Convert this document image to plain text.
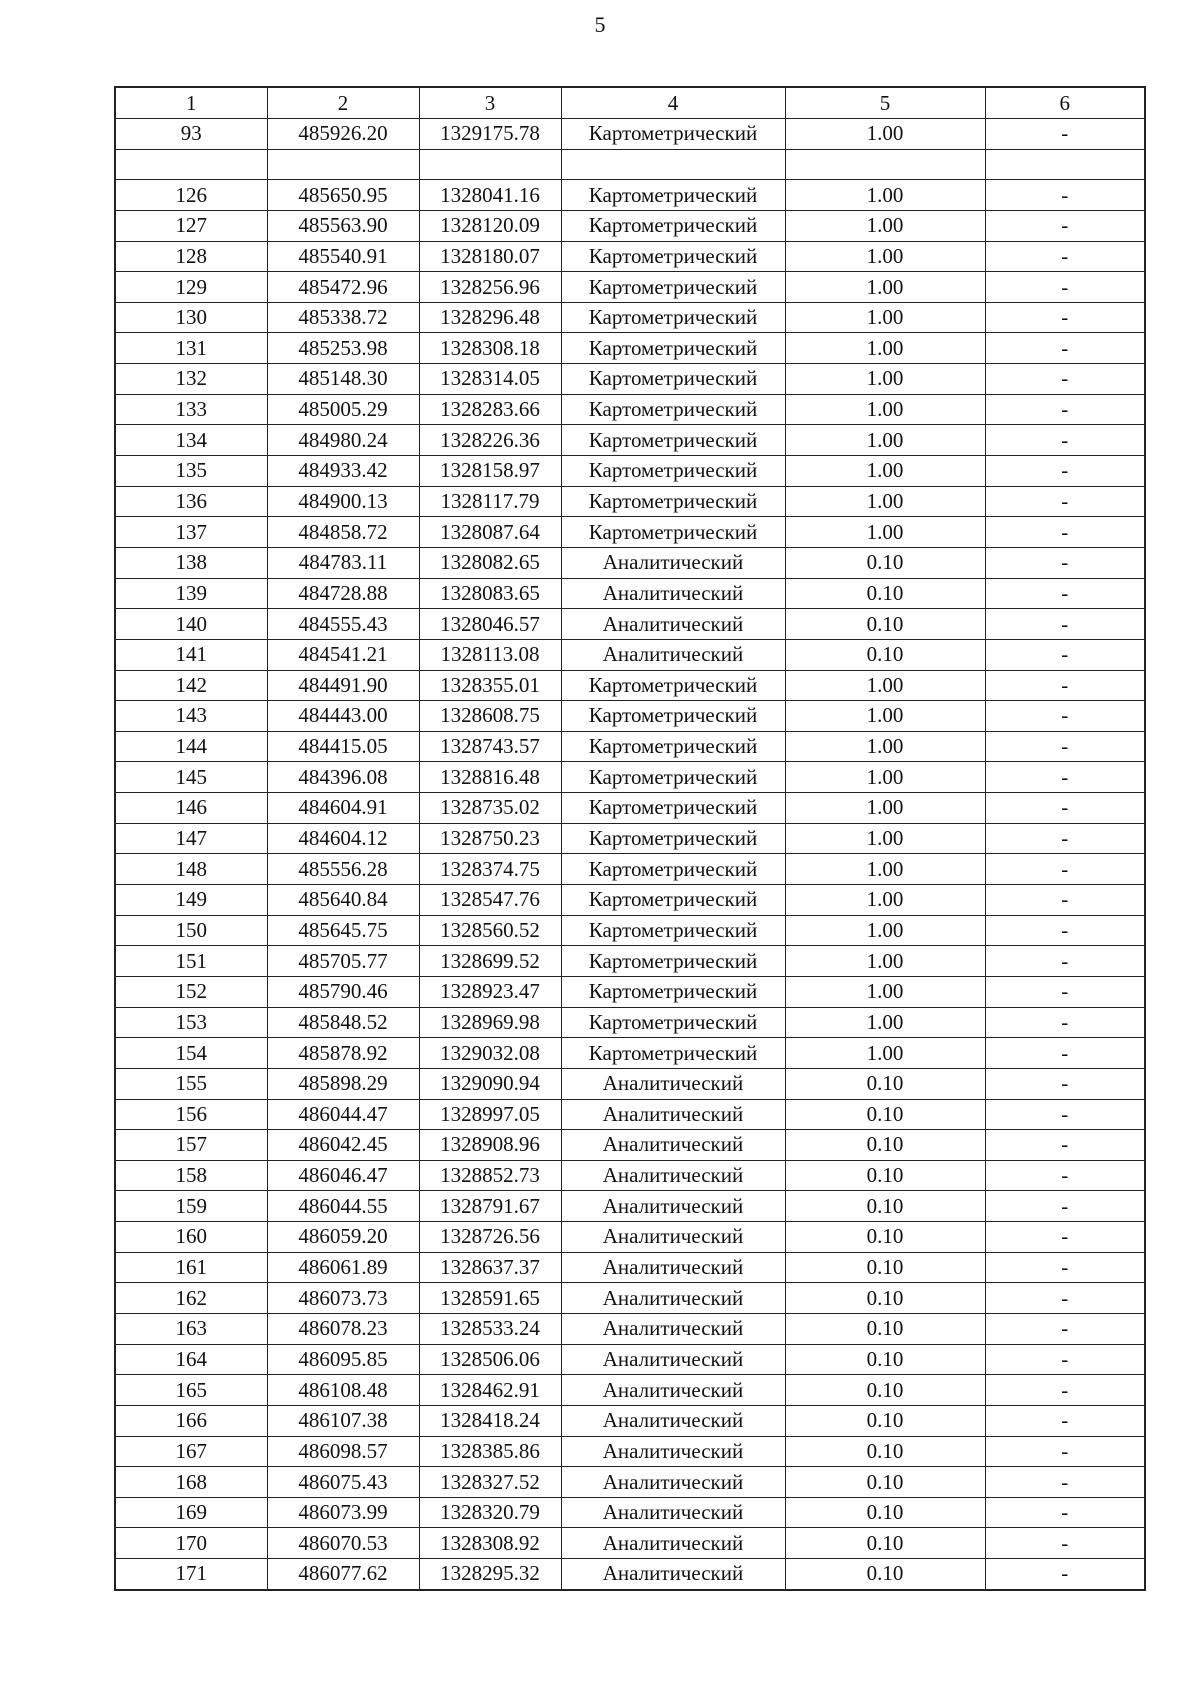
5
1	2	3	4	5	6
93	485926.20	1329175.78	Картометрический	1.00	-

126	485650.95	1328041.16	Картометрический	1.00	-
127	485563.90	1328120.09	Картометрический	1.00	-
128	485540.91	1328180.07	Картометрический	1.00	-
129	485472.96	1328256.96	Картометрический	1.00	-
130	485338.72	1328296.48	Картометрический	1.00	-
131	485253.98	1328308.18	Картометрический	1.00	-
132	485148.30	1328314.05	Картометрический	1.00	-
133	485005.29	1328283.66	Картометрический	1.00	-
134	484980.24	1328226.36	Картометрический	1.00	-
135	484933.42	1328158.97	Картометрический	1.00	-
136	484900.13	1328117.79	Картометрический	1.00	-
137	484858.72	1328087.64	Картометрический	1.00	-
138	484783.11	1328082.65	Аналитический	0.10	-
139	484728.88	1328083.65	Аналитический	0.10	-
140	484555.43	1328046.57	Аналитический	0.10	-
141	484541.21	1328113.08	Аналитический	0.10	-
142	484491.90	1328355.01	Картометрический	1.00	-
143	484443.00	1328608.75	Картометрический	1.00	-
144	484415.05	1328743.57	Картометрический	1.00	-
145	484396.08	1328816.48	Картометрический	1.00	-
146	484604.91	1328735.02	Картометрический	1.00	-
147	484604.12	1328750.23	Картометрический	1.00	-
148	485556.28	1328374.75	Картометрический	1.00	-
149	485640.84	1328547.76	Картометрический	1.00	-
150	485645.75	1328560.52	Картометрический	1.00	-
151	485705.77	1328699.52	Картометрический	1.00	-
152	485790.46	1328923.47	Картометрический	1.00	-
153	485848.52	1328969.98	Картометрический	1.00	-
154	485878.92	1329032.08	Картометрический	1.00	-
155	485898.29	1329090.94	Аналитический	0.10	-
156	486044.47	1328997.05	Аналитический	0.10	-
157	486042.45	1328908.96	Аналитический	0.10	-
158	486046.47	1328852.73	Аналитический	0.10	-
159	486044.55	1328791.67	Аналитический	0.10	-
160	486059.20	1328726.56	Аналитический	0.10	-
161	486061.89	1328637.37	Аналитический	0.10	-
162	486073.73	1328591.65	Аналитический	0.10	-
163	486078.23	1328533.24	Аналитический	0.10	-
164	486095.85	1328506.06	Аналитический	0.10	-
165	486108.48	1328462.91	Аналитический	0.10	-
166	486107.38	1328418.24	Аналитический	0.10	-
167	486098.57	1328385.86	Аналитический	0.10	-
168	486075.43	1328327.52	Аналитический	0.10	-
169	486073.99	1328320.79	Аналитический	0.10	-
170	486070.53	1328308.92	Аналитический	0.10	-
171	486077.62	1328295.32	Аналитический	0.10	-
